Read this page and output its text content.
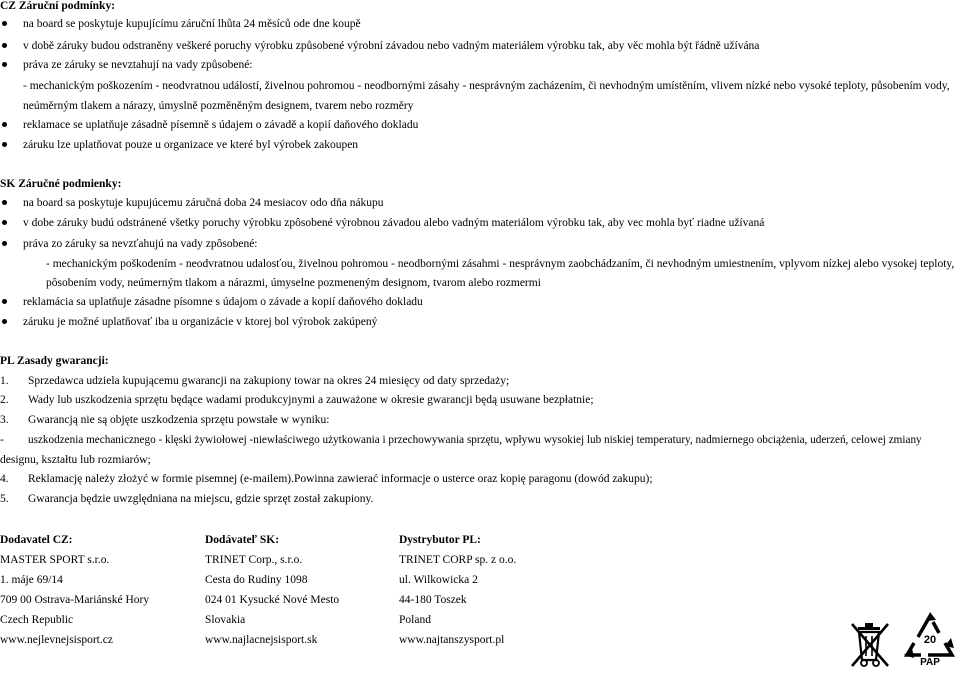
CZ Záruční podmínky:
na board se poskytuje kupujícímu záruční lhůta 24 měsíců ode dne koupě
v době záruky budou odstraněny veškeré poruchy výrobku způsobené výrobní závadou nebo vadným materiálem výrobku tak, aby věc mohla být řádně užívána
práva ze záruky se nevztahují na vady způsobené:
- mechanickým poškozením - neodvratnou událostí, živelnou pohromou - neodbornými zásahy - nesprávným zacházením, či nevhodným umístěním, vlivem nízké nebo vysoké teploty, působením vody,
neúměrným tlakem a nárazy, úmyslně pozměněným designem, tvarem nebo rozměry
reklamace se uplatňuje zásadně písemně s údajem o závadě a kopií daňového dokladu
záruku lze uplatňovat pouze u organizace ve které byl výrobek zakoupen
SK Záručné podmienky:
na board sa poskytuje kupujúcemu záručná doba 24 mesiacov odo dňa nákupu
v dobe záruky budú odstránené všetky poruchy výrobku zpôsobené výrobnou závadou alebo vadným materiálom výrobku tak, aby vec mohla byť riadne užívaná
práva zo záruky sa nevzťahujú na vady zpôsobené:
- mechanickým poškodením - neodvratnou udalosťou, živelnou pohromou - neodbornými zásahmi - nesprávnym zaobchádzaním, či nevhodným umiestnením, vplyvom nízkej alebo vysokej teploty,
pôsobením vody, neúmerným tlakom a nárazmi, úmyselne pozmeneným designom, tvarom alebo rozmermi
reklamácia sa uplatňuje zásadne písomne s údajom o závade a kopií daňového dokladu
záruku je možné uplatňovať iba u organizácie v ktorej bol výrobok zakúpený
PL Zasady gwarancji:
1. Sprzedawca udziela kupującemu gwarancji na zakupiony towar na okres 24 miesięcy od daty sprzedaży;
2. Wady lub uszkodzenia sprzętu będące wadami produkcyjnymi a zauważone w okresie gwarancji będą usuwane bezpłatnie;
3. Gwarancją nie są objęte uszkodzenia sprzętu powstałe w wyniku:
- uszkodzenia mechanicznego - klęski żywiołowej -niewłaściwego użytkowania i przechowywania sprzętu, wpływu wysokiej lub niskiej temperatury, nadmiernego obciążenia, uderzeń, celowej zmiany
designu, kształtu lub rozmiarów;
4. Reklamację należy złożyć w formie pisemnej (e-mailem).Powinna zawierać informacje o usterce oraz kopię paragonu (dowód zakupu);
5. Gwarancja będzie uwzględniana na miejscu, gdzie sprzęt został zakupiony.
Dodavatel CZ:
MASTER SPORT s.r.o.
1. máje 69/14
709 00 Ostrava-Mariánské Hory
Czech Republic
www.nejlevnejsisport.cz
Dodávateľ SK:
TRINET Corp., s.r.o.
Cesta do Rudiny 1098
024 01 Kysucké Nové Mesto
Slovakia
www.najlacnejsisport.sk
Dystrybutor PL:
TRINET CORP sp. z o.o.
ul. Wilkowicka 2
44-180 Toszek
Poland
www.najtanszysport.pl	20
PAP
